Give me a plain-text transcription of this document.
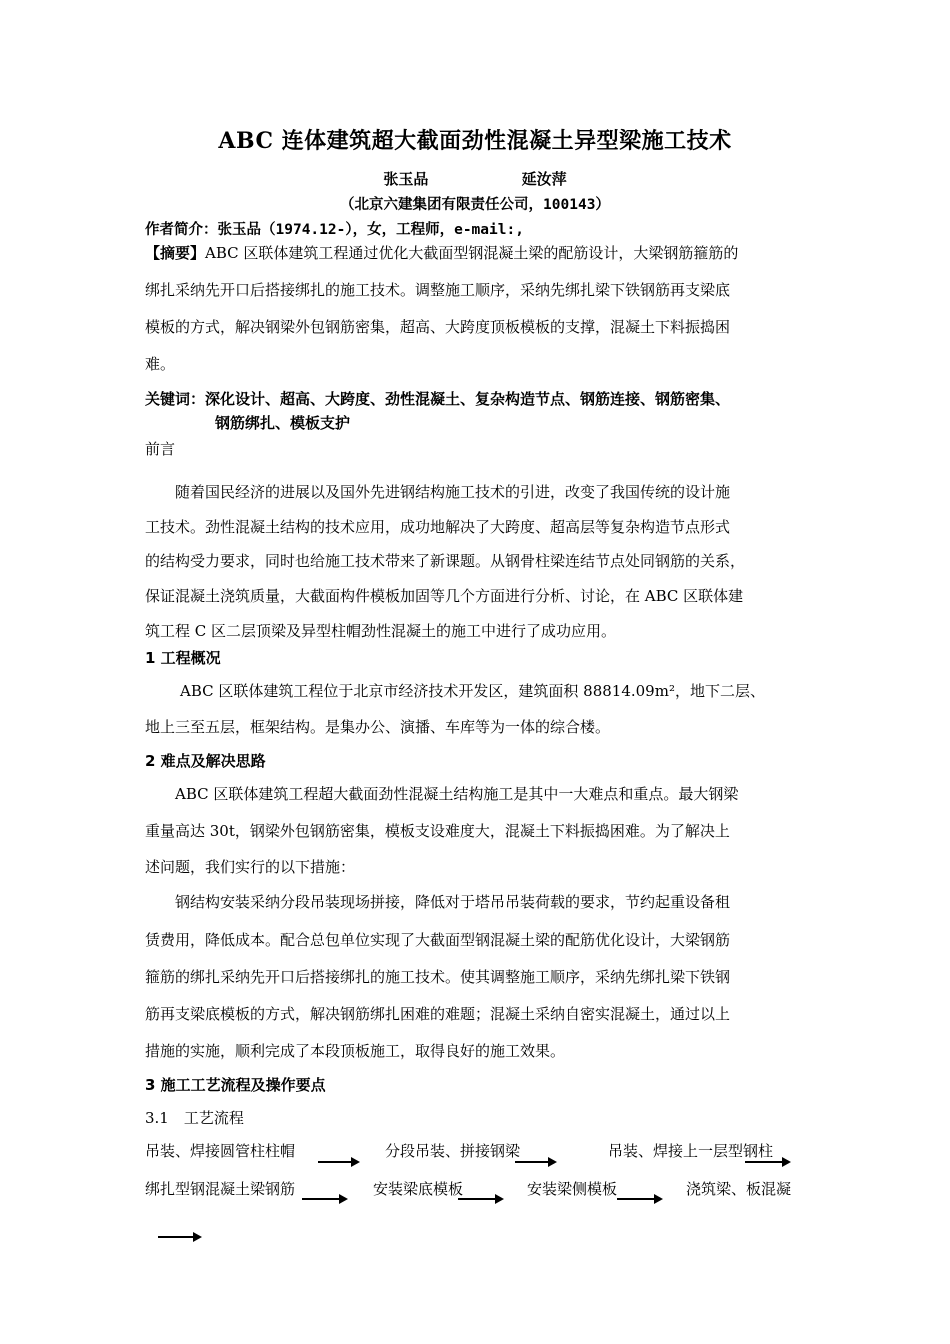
ABC 连体建筑超大截面劲性混凝土异型梁施工技术
张玉品	延汝萍
（北京六建集团有限责任公司，100143）
作者简介：张玉品（1974.12-），女，工程师，e-mail:,
【摘要】ABC 区联体建筑工程通过优化大截面型钢混凝土梁的配筋设计，大梁钢筋箍筋的
绑扎采纳先开口后搭接绑扎的施工技术。调整施工顺序，采纳先绑扎梁下铁钢筋再支梁底
模板的方式，解决钢梁外包钢筋密集，超高、大跨度顶板模板的支撑，混凝土下料振捣困
难。
关键词：深化设计、超高、大跨度、劲性混凝土、复杂构造节点、钢筋连接、钢筋密集、
钢筋绑扎、模板支护
前言
随着国民经济的进展以及国外先进钢结构施工技术的引进，改变了我国传统的设计施
工技术。劲性混凝土结构的技术应用，成功地解决了大跨度、超高层等复杂构造节点形式
的结构受力要求，同时也给施工技术带来了新课题。从钢骨柱梁连结节点处同钢筋的关系，
保证混凝土浇筑质量，大截面构件模板加固等几个方面进行分析、讨论，在 ABC 区联体建
筑工程 C 区二层顶梁及异型柱帽劲性混凝土的施工中进行了成功应用。
1 工程概况
ABC 区联体建筑工程位于北京市经济技术开发区，建筑面积 88814.09m²，地下二层、
地上三至五层，框架结构。是集办公、演播、车库等为一体的综合楼。
2 难点及解决思路
ABC 区联体建筑工程超大截面劲性混凝土结构施工是其中一大难点和重点。最大钢梁
重量高达 30t，钢梁外包钢筋密集，模板支设难度大，混凝土下料振捣困难。为了解决上
述问题，我们实行的以下措施：
钢结构安装采纳分段吊装现场拼接，降低对于塔吊吊装荷载的要求，节约起重设备租
赁费用，降低成本。配合总包单位实现了大截面型钢混凝土梁的配筋优化设计，大梁钢筋
箍筋的绑扎采纳先开口后搭接绑扎的施工技术。使其调整施工顺序，采纳先绑扎梁下铁钢
筋再支梁底模板的方式，解决钢筋绑扎困难的难题；混凝土采纳自密实混凝土，通过以上
措施的实施，顺利完成了本段顶板施工，取得良好的施工效果。
3 施工工艺流程及操作要点
3.1　工艺流程
吊装、焊接圆管柱柱帽	分段吊装、拼接钢梁	吊装、焊接上一层型钢柱
绑扎型钢混凝土梁钢筋	安装梁底模板	安装梁侧模板	浇筑梁、板混凝
